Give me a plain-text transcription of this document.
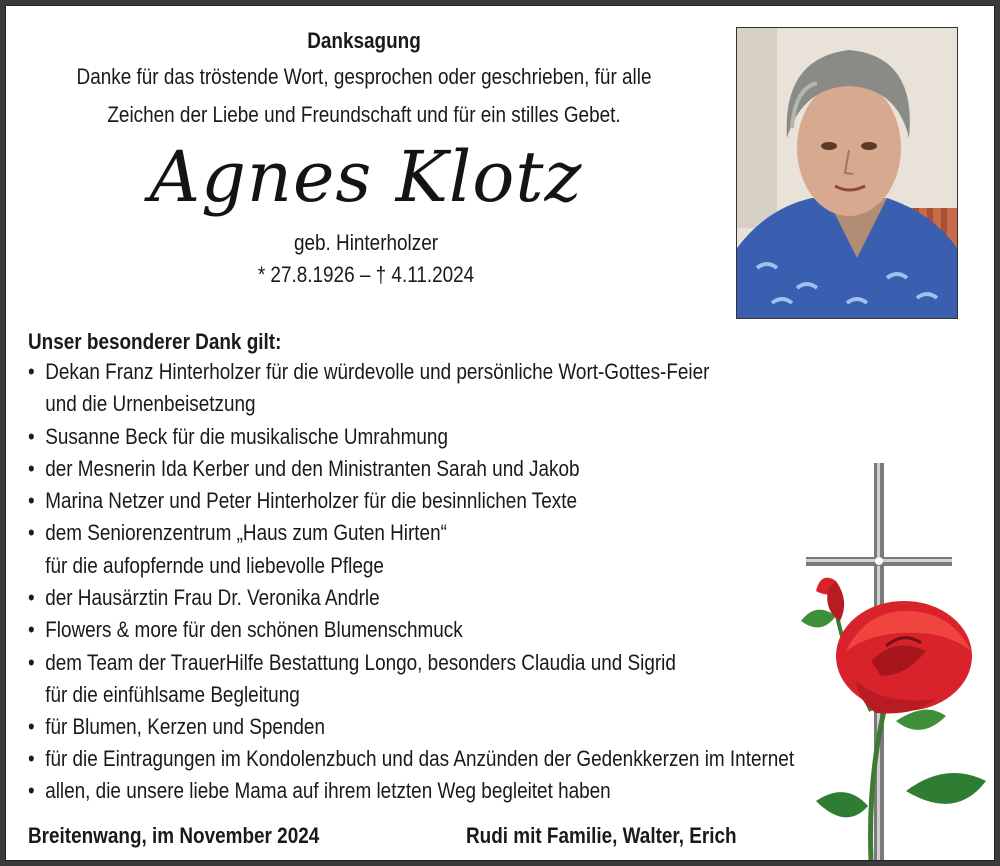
Danksagung
Danke für das tröstende Wort, gesprochen oder geschrieben, für alle
Zeichen der Liebe und Freundschaft und für ein stilles Gebet.
Agnes Klotz
geb. Hinterholzer
* 27.8.1926 – † 4.11.2024
Unser besonderer Dank gilt:
• Dekan Franz Hinterholzer für die würdevolle und persönliche Wort-Gottes-Feier
und die Urnenbeisetzung
• Susanne Beck für die musikalische Umrahmung
• der Mesnerin Ida Kerber und den Ministranten Sarah und Jakob
• Marina Netzer und Peter Hinterholzer für die besinnlichen Texte
• dem Seniorenzentrum „Haus zum Guten Hirten“
für die aufopfernde und liebevolle Pflege
• der Hausärztin Frau Dr. Veronika Andrle
• Flowers & more für den schönen Blumenschmuck
• dem Team der TrauerHilfe Bestattung Longo, besonders Claudia und Sigrid
für die einfühlsame Begleitung
• für Blumen, Kerzen und Spenden
• für die Eintragungen im Kondolenzbuch und das Anzünden der Gedenkkerzen im Internet
• allen, die unsere liebe Mama auf ihrem letzten Weg begleitet haben
Breitenwang, im November 2024	Rudi mit Familie, Walter, Erich
